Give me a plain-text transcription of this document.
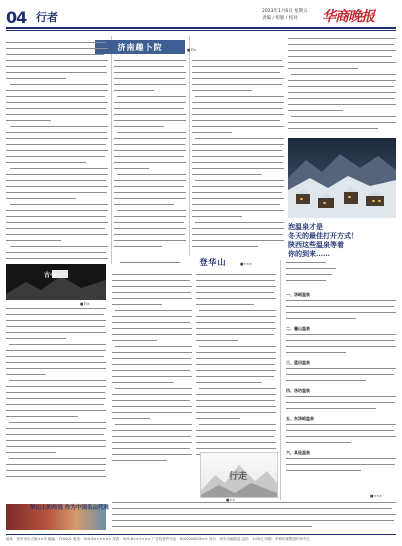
04 行者	2023年1月6日 星期五
责编 / 组版 / 校对 华商晚报
济南趣卜院	■刘×
泡温泉才是
冬天的最佳打开方式！
陕西这些温泉等着
你的到来……
登华山	■×××
古今
■刘×
一、汤峪温泉
二、骊山温泉
三、蓝田温泉
四、汤坊温泉
五、东汤峪温泉
六、其他温泉
行走
■××
华山上的传说 作为中国名山代表
■×××
地址：西安市东大街××号 邮编：710001 电话：029-8×××××× 传真：029-8×××××× 广告经营许可证：6100004000×× 发行：西安市邮政局 定价：1.00元 印刷：华商传媒集团印务中心
